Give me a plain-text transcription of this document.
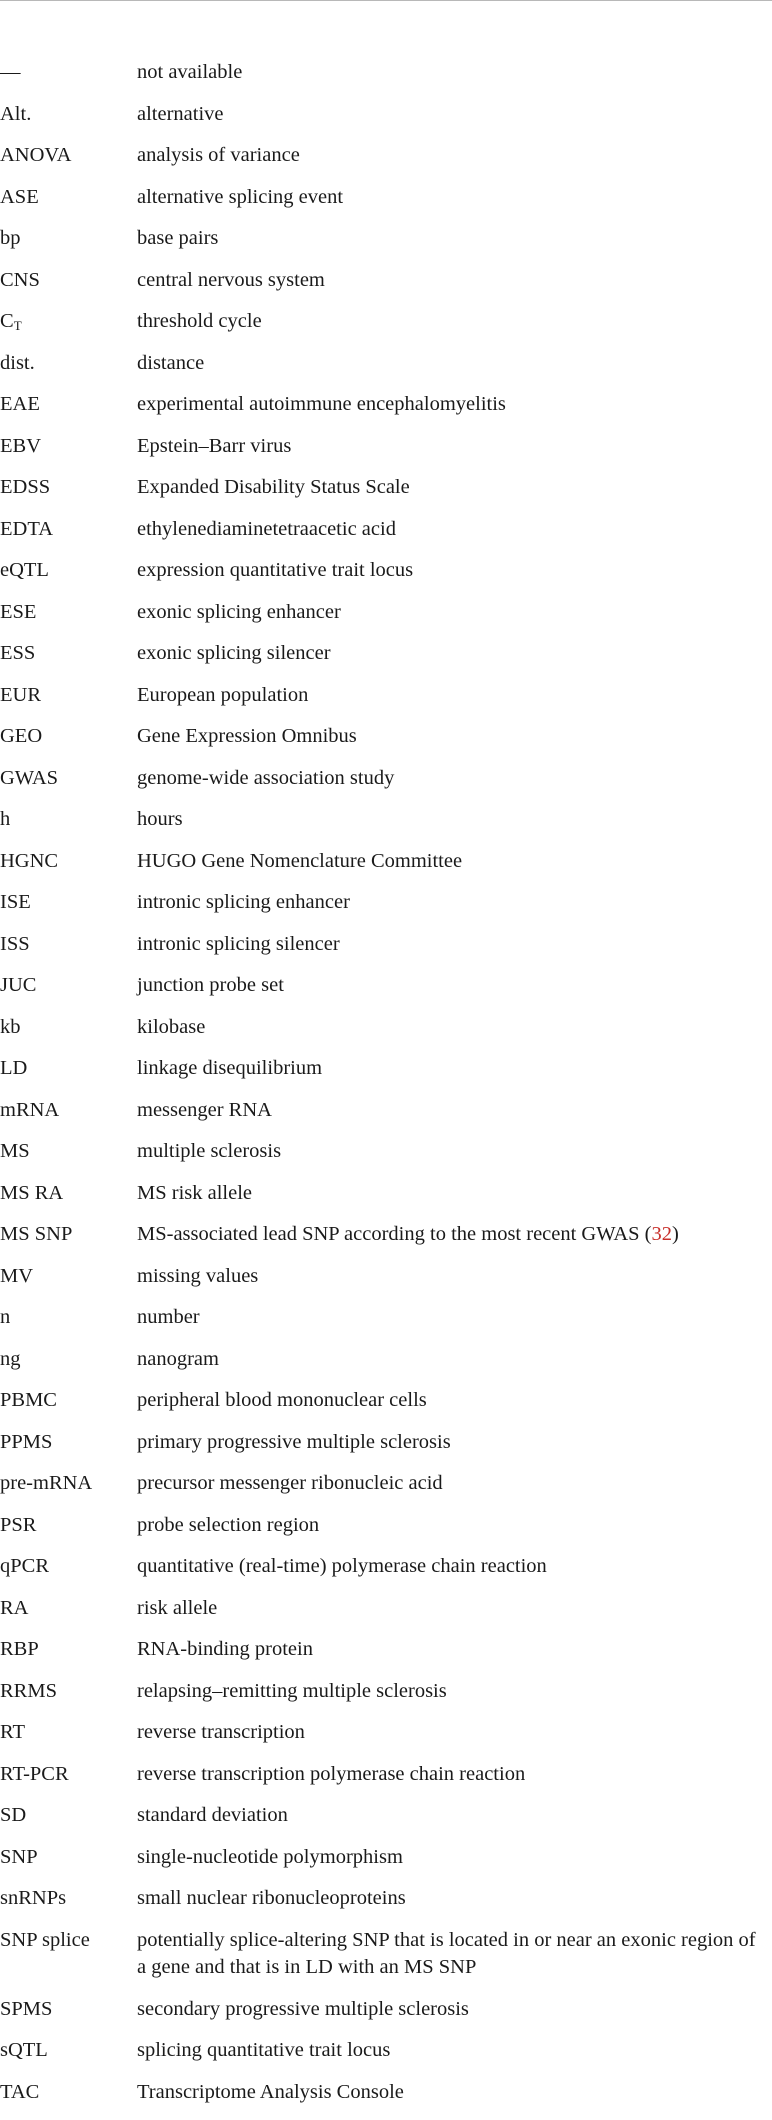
—	not available
Alt.	alternative
ANOVA	analysis of variance
ASE	alternative splicing event
bp	base pairs
CNS	central nervous system
$C_T$	threshold cycle
dist.	distance
EAE	experimental autoimmune encephalomyelitis
EBV	Epstein–Barr virus
EDSS	Expanded Disability Status Scale
EDTA	ethylenediaminetetraacetic acid
eQTL	expression quantitative trait locus
ESE	exonic splicing enhancer
ESS	exonic splicing silencer
EUR	European population
GEO	Gene Expression Omnibus
GWAS	genome-wide association study
h	hours
HGNC	HUGO Gene Nomenclature Committee
ISE	intronic splicing enhancer
ISS	intronic splicing silencer
JUC	junction probe set
kb	kilobase
LD	linkage disequilibrium
mRNA	messenger RNA
MS	multiple sclerosis
MS RA	MS risk allele
MS SNP	MS-associated lead SNP according to the most recent GWAS (32)
MV	missing values
n	number
ng	nanogram
PBMC	peripheral blood mononuclear cells
PPMS	primary progressive multiple sclerosis
pre-mRNA	precursor messenger ribonucleic acid
PSR	probe selection region
qPCR	quantitative (real-time) polymerase chain reaction
RA	risk allele
RBP	RNA-binding protein
RRMS	relapsing–remitting multiple sclerosis
RT	reverse transcription
RT-PCR	reverse transcription polymerase chain reaction
SD	standard deviation
SNP	single-nucleotide polymorphism
snRNPs	small nuclear ribonucleoproteins
SNP splice	potentially splice-altering SNP that is located in or near an exonic region of a gene and that is in LD with an MS SNP
SPMS	secondary progressive multiple sclerosis
sQTL	splicing quantitative trait locus
TAC	Transcriptome Analysis Console
